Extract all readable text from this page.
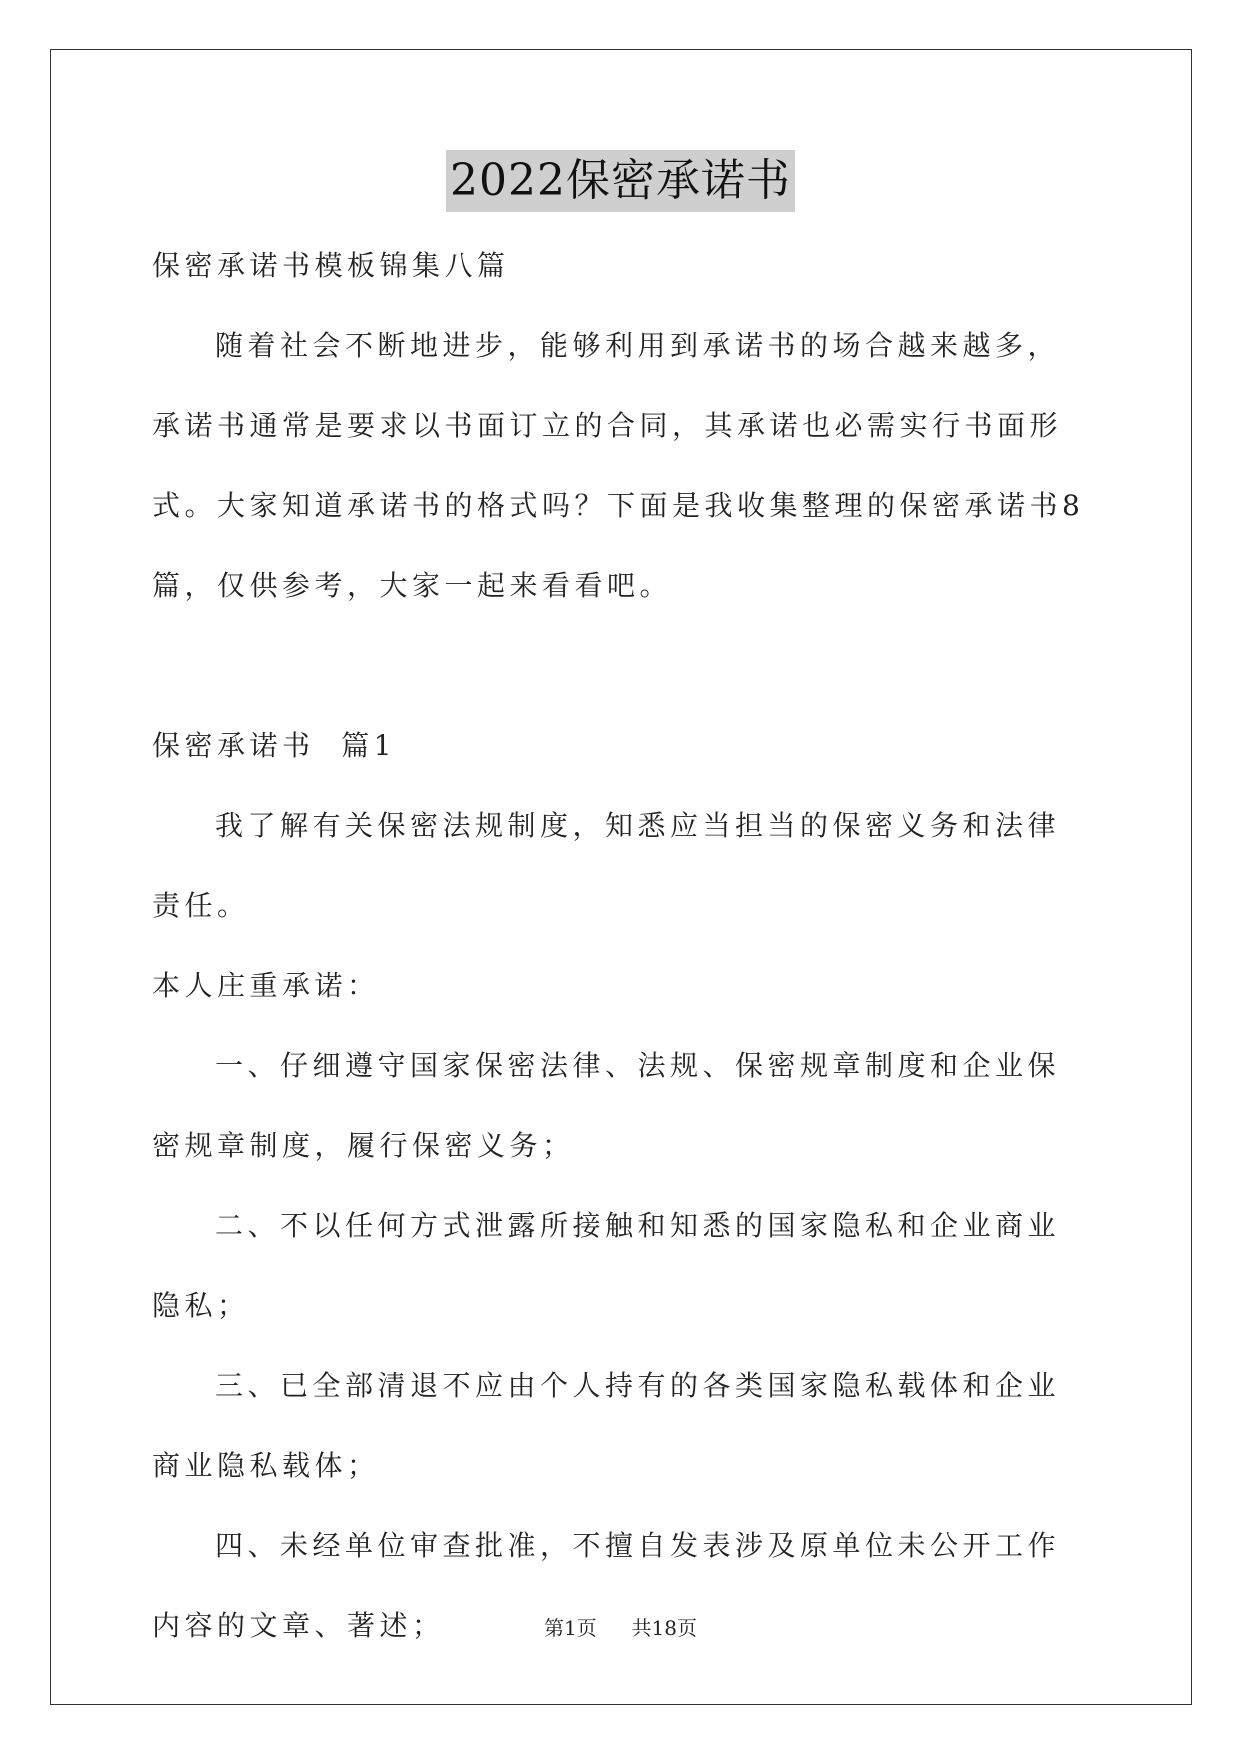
2022保密承诺书

保密承诺书模板锦集八篇

随着社会不断地进步，能够利用到承诺书的场合越来越多，承诺书通常是要求以书面订立的合同，其承诺也必需实行书面形式。大家知道承诺书的格式吗？下面是我收集整理的保密承诺书8篇，仅供参考，大家一起来看看吧。

保密承诺书  篇1

我了解有关保密法规制度，知悉应当担当的保密义务和法律责任。

本人庄重承诺：

一、仔细遵守国家保密法律、法规、保密规章制度和企业保密规章制度，履行保密义务；

二、不以任何方式泄露所接触和知悉的国家隐私和企业商业隐私；

三、已全部清退不应由个人持有的各类国家隐私载体和企业商业隐私载体；

四、未经单位审查批准，不擅自发表涉及原单位未公开工作内容的文章、著述；	第1页 共18页
